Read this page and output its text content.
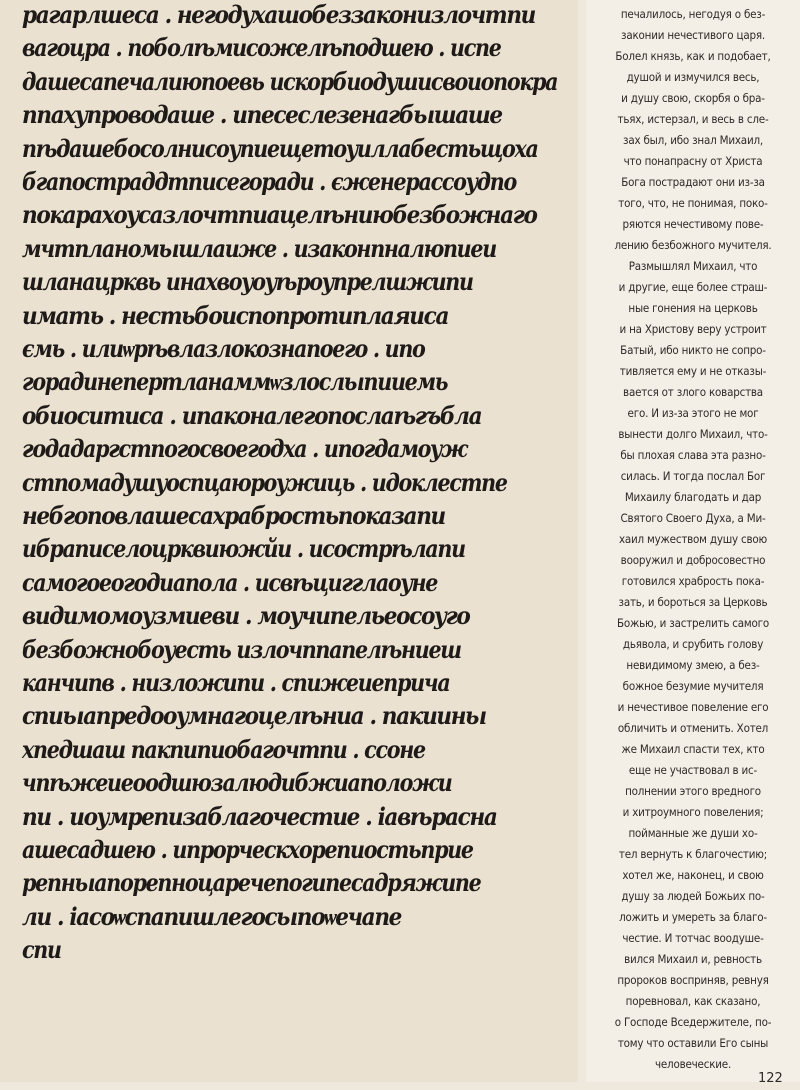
рагарлшеса . негодухашобеззаконизлочтпи
вагоцра . поболѣмисожелѣподшею . испе
дашесапечалиюпоевь искорбиодушисвоиопокра
ппахупроводаше . ипесеслезенагбышаше
пѣдашебосолнисоупиещетоуиллабестьщоха
бгапостраддтписегоради . єженерассоудпо
покарахоусазлочтпиацелѣниюбезбожнаго
мчтпланомышлаиже . изаконпналюпиеи
шланацрквь инахвоуоуѣроупрелшжипи
имать . нестьбоиспопротиплаяиса
ємь . илиѡрѣвлазлокознапоего . ипо
горадинепертланаммѡзлослыпииемь
обиоситиса . ипаконалегопослаѣгъбла
годадаргстпогосвоегодха . ипогдамоуж
стпомадушуоспцаюроужиць . идоклестпе
небгоповлашесахрабростьпоказапи
ибраписелоцрквиюжйи . исострѣлапи
самогоеогодиапола . исвѣцигглаоуне
видимомоузмиеви . моучипельеосоуго
безбожнобоуесть излочппапелѣниеш
канчипв . низложипи . спижеиеприча
спиыапредооумнагоцелѣниа . пакиины
хпедшаш пакпипиобагочтпи . ссоне
чпѣжеиеоодшюзалюдибжиаположи
пи . иоумрепизаблагочестие . iавѣрасна
ашесадшею . ипрорческхорепиостьприе
репныапорепноцаречепогипесадряжипе
ли . iасоѡспапишлегосыпоѡечапе
спи
печалилось, негодуя о без-
законии нечестивого царя.
Болел князь, как и подобает,
душой и измучился весь,
и душу свою, скорбя о бра-
тьях, истерзал, и весь в сле-
зах был, ибо знал Михаил,
что понапрасну от Христа
Бога пострадают они из-за
того, что, не понимая, поко-
ряются нечестивому пове-
лению безбожного мучителя.
Размышлял Михаил, что
и другие, еще более страш-
ные гонения на церковь
и на Христову веру устроит
Батый, ибо никто не сопро-
тивляется ему и не отказы-
вается от злого коварства
его. И из-за этого не мог
вынести долго Михаил, что-
бы плохая слава эта разно-
силась. И тогда послал Бог
Михаилу благодать и дар
Святого Своего Духа, а Ми-
хаил мужеством душу свою
вооружил и добросовестно
готовился храбрость пока-
зать, и бороться за Церковь
Божью, и застрелить самого
дьявола, и срубить голову
невидимому змею, а без-
божное безумие мучителя
и нечестивое повеление его
обличить и отменить. Хотел
же Михаил спасти тех, кто
еще не участвовал в ис-
полнении этого вредного
и хитроумного повеления;
пойманные же души хо-
тел вернуть к благочестию;
хотел же, наконец, и свою
душу за людей Божьих по-
ложить и умереть за благо-
честие. И тотчас воодуше-
вился Михаил и, ревность
пророков восприняв, ревнуя
поревновал, как сказано,
о Господе Вседержителе, по-
тому что оставили Его сыны
человеческие.
122
